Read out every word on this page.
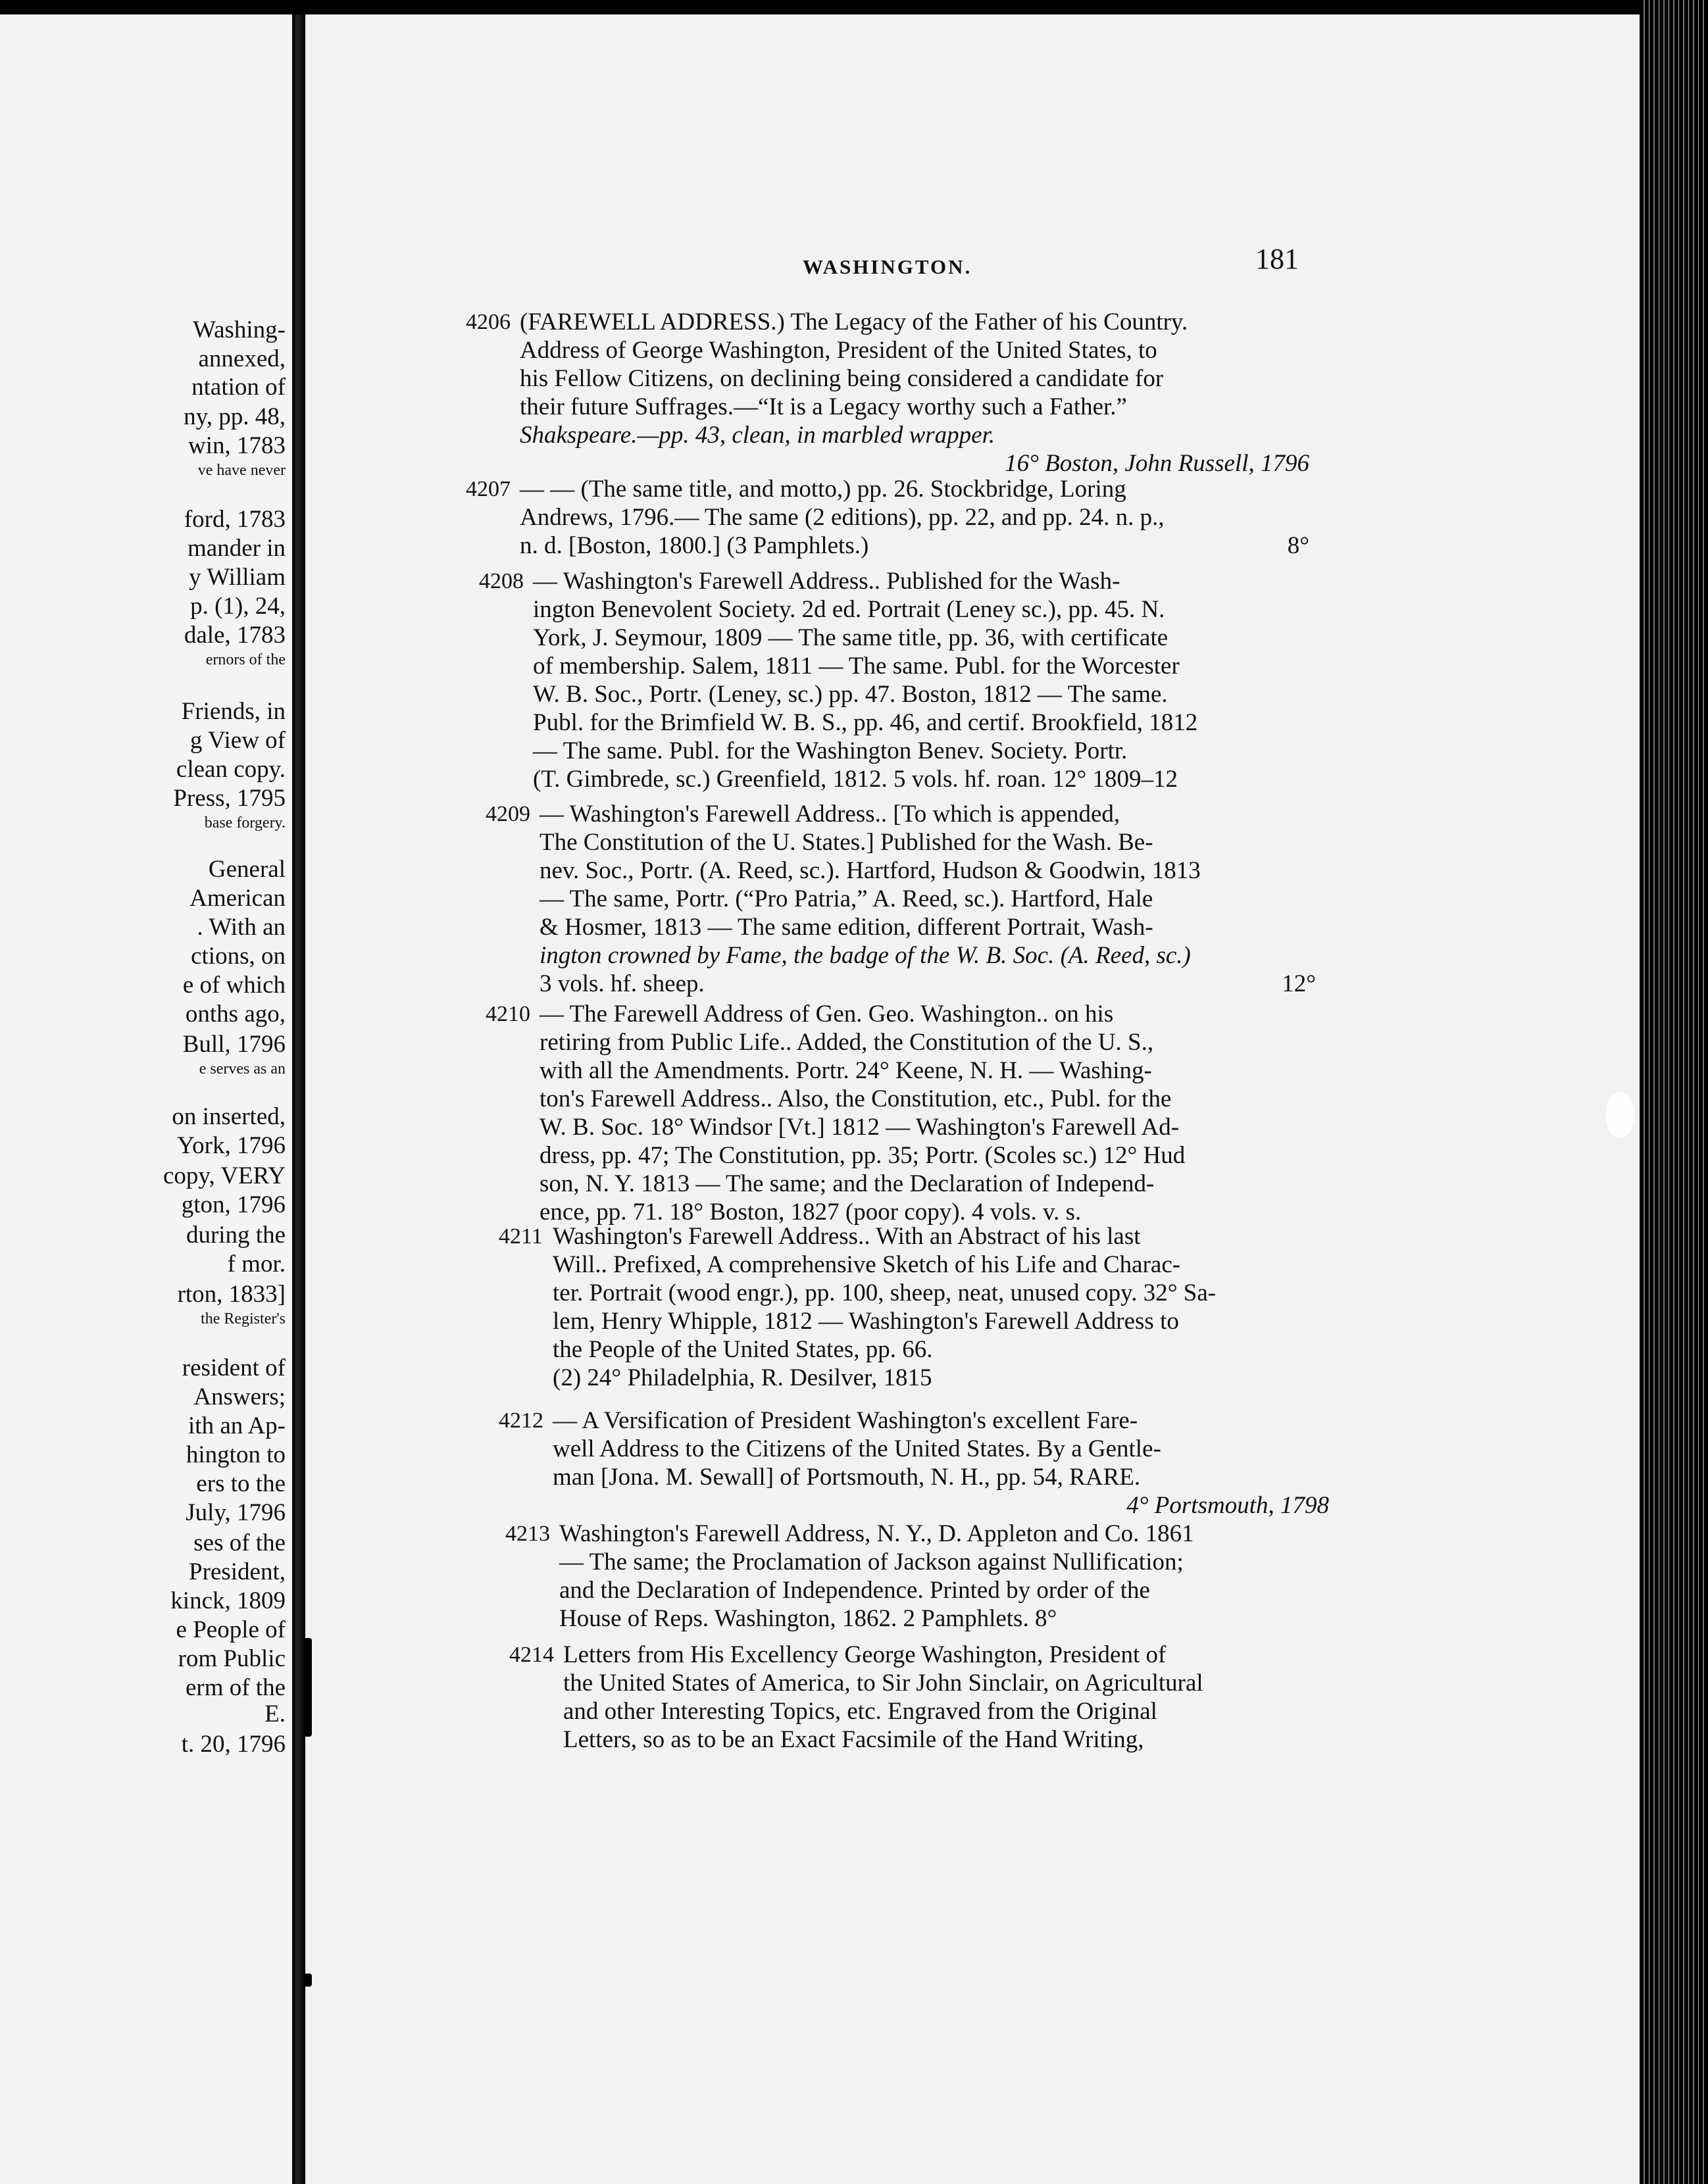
Washing-
annexed,
ntation of
ny, pp. 48,
win, 1783
ve have never
ford, 1783
mander in
y William
p. (1), 24,
dale, 1783
ernors of the
Friends, in
g View of
clean copy.
Press, 1795
base forgery.
General
American
. With an
ctions, on
e of which
onths ago,
Bull, 1796
e serves as an
on inserted,
York, 1796
copy, VERY
gton, 1796
during the
f mor.
rton, 1833]
the Register's
resident of
Answers;
ith an Ap-
hington to
ers to the
July, 1796
ses of the
President,
kinck, 1809
e People of
rom Public
erm of the
E.
t. 20, 1796
WASHINGTON.	181
4206 (FAREWELL ADDRESS.) The Legacy of the Father of his Country.
Address of George Washington, President of the United States, to
his Fellow Citizens, on declining being considered a candidate for
their future Suffrages.—“It is a Legacy worthy such a Father.”
Shakspeare.—pp. 43, clean, in marbled wrapper.
16° Boston, John Russell, 1796
4207 — — (The same title, and motto,) pp. 26. Stockbridge, Loring
Andrews, 1796.— The same (2 editions), pp. 22, and pp. 24. n. p.,
n. d. [Boston, 1800.] (3 Pamphlets.)	8°
4208 — Washington's Farewell Address.. Published for the Wash-
ington Benevolent Society. 2d ed. Portrait (Leney sc.), pp. 45. N.
York, J. Seymour, 1809 — The same title, pp. 36, with certificate
of membership. Salem, 1811 — The same. Publ. for the Worcester
W. B. Soc., Portr. (Leney, sc.) pp. 47. Boston, 1812 — The same.
Publ. for the Brimfield W. B. S., pp. 46, and certif. Brookfield, 1812
— The same. Publ. for the Washington Benev. Society. Portr.
(T. Gimbrede, sc.) Greenfield, 1812. 5 vols. hf. roan. 12° 1809–12
4209 — Washington's Farewell Address.. [To which is appended,
The Constitution of the U. States.] Published for the Wash. Be-
nev. Soc., Portr. (A. Reed, sc.). Hartford, Hudson & Goodwin, 1813
— The same, Portr. (“Pro Patria,” A. Reed, sc.). Hartford, Hale
& Hosmer, 1813 — The same edition, different Portrait, Wash-
ington crowned by Fame, the badge of the W. B. Soc. (A. Reed, sc.)
3 vols. hf. sheep.	12°
4210 — The Farewell Address of Gen. Geo. Washington.. on his
retiring from Public Life.. Added, the Constitution of the U. S.,
with all the Amendments. Portr. 24° Keene, N. H. — Washing-
ton's Farewell Address.. Also, the Constitution, etc., Publ. for the
W. B. Soc. 18° Windsor [Vt.] 1812 — Washington's Farewell Ad-
dress, pp. 47; The Constitution, pp. 35; Portr. (Scoles sc.) 12° Hud
son, N. Y. 1813 — The same; and the Declaration of Independ-
ence, pp. 71. 18° Boston, 1827 (poor copy). 4 vols. v. s.
4211 Washington's Farewell Address.. With an Abstract of his last
Will.. Prefixed, A comprehensive Sketch of his Life and Charac-
ter. Portrait (wood engr.), pp. 100, sheep, neat, unused copy. 32° Sa-
lem, Henry Whipple, 1812 — Washington's Farewell Address to
the People of the United States, pp. 66.
(2) 24° Philadelphia, R. Desilver, 1815
4212 — A Versification of President Washington's excellent Fare-
well Address to the Citizens of the United States. By a Gentle-
man [Jona. M. Sewall] of Portsmouth, N. H., pp. 54, RARE.
4° Portsmouth, 1798
4213 Washington's Farewell Address, N. Y., D. Appleton and Co. 1861
— The same; the Proclamation of Jackson against Nullification;
and the Declaration of Independence. Printed by order of the
House of Reps. Washington, 1862. 2 Pamphlets. 8°
4214 Letters from His Excellency George Washington, President of
the United States of America, to Sir John Sinclair, on Agricultural
and other Interesting Topics, etc. Engraved from the Original
Letters, so as to be an Exact Facsimile of the Hand Writing,
